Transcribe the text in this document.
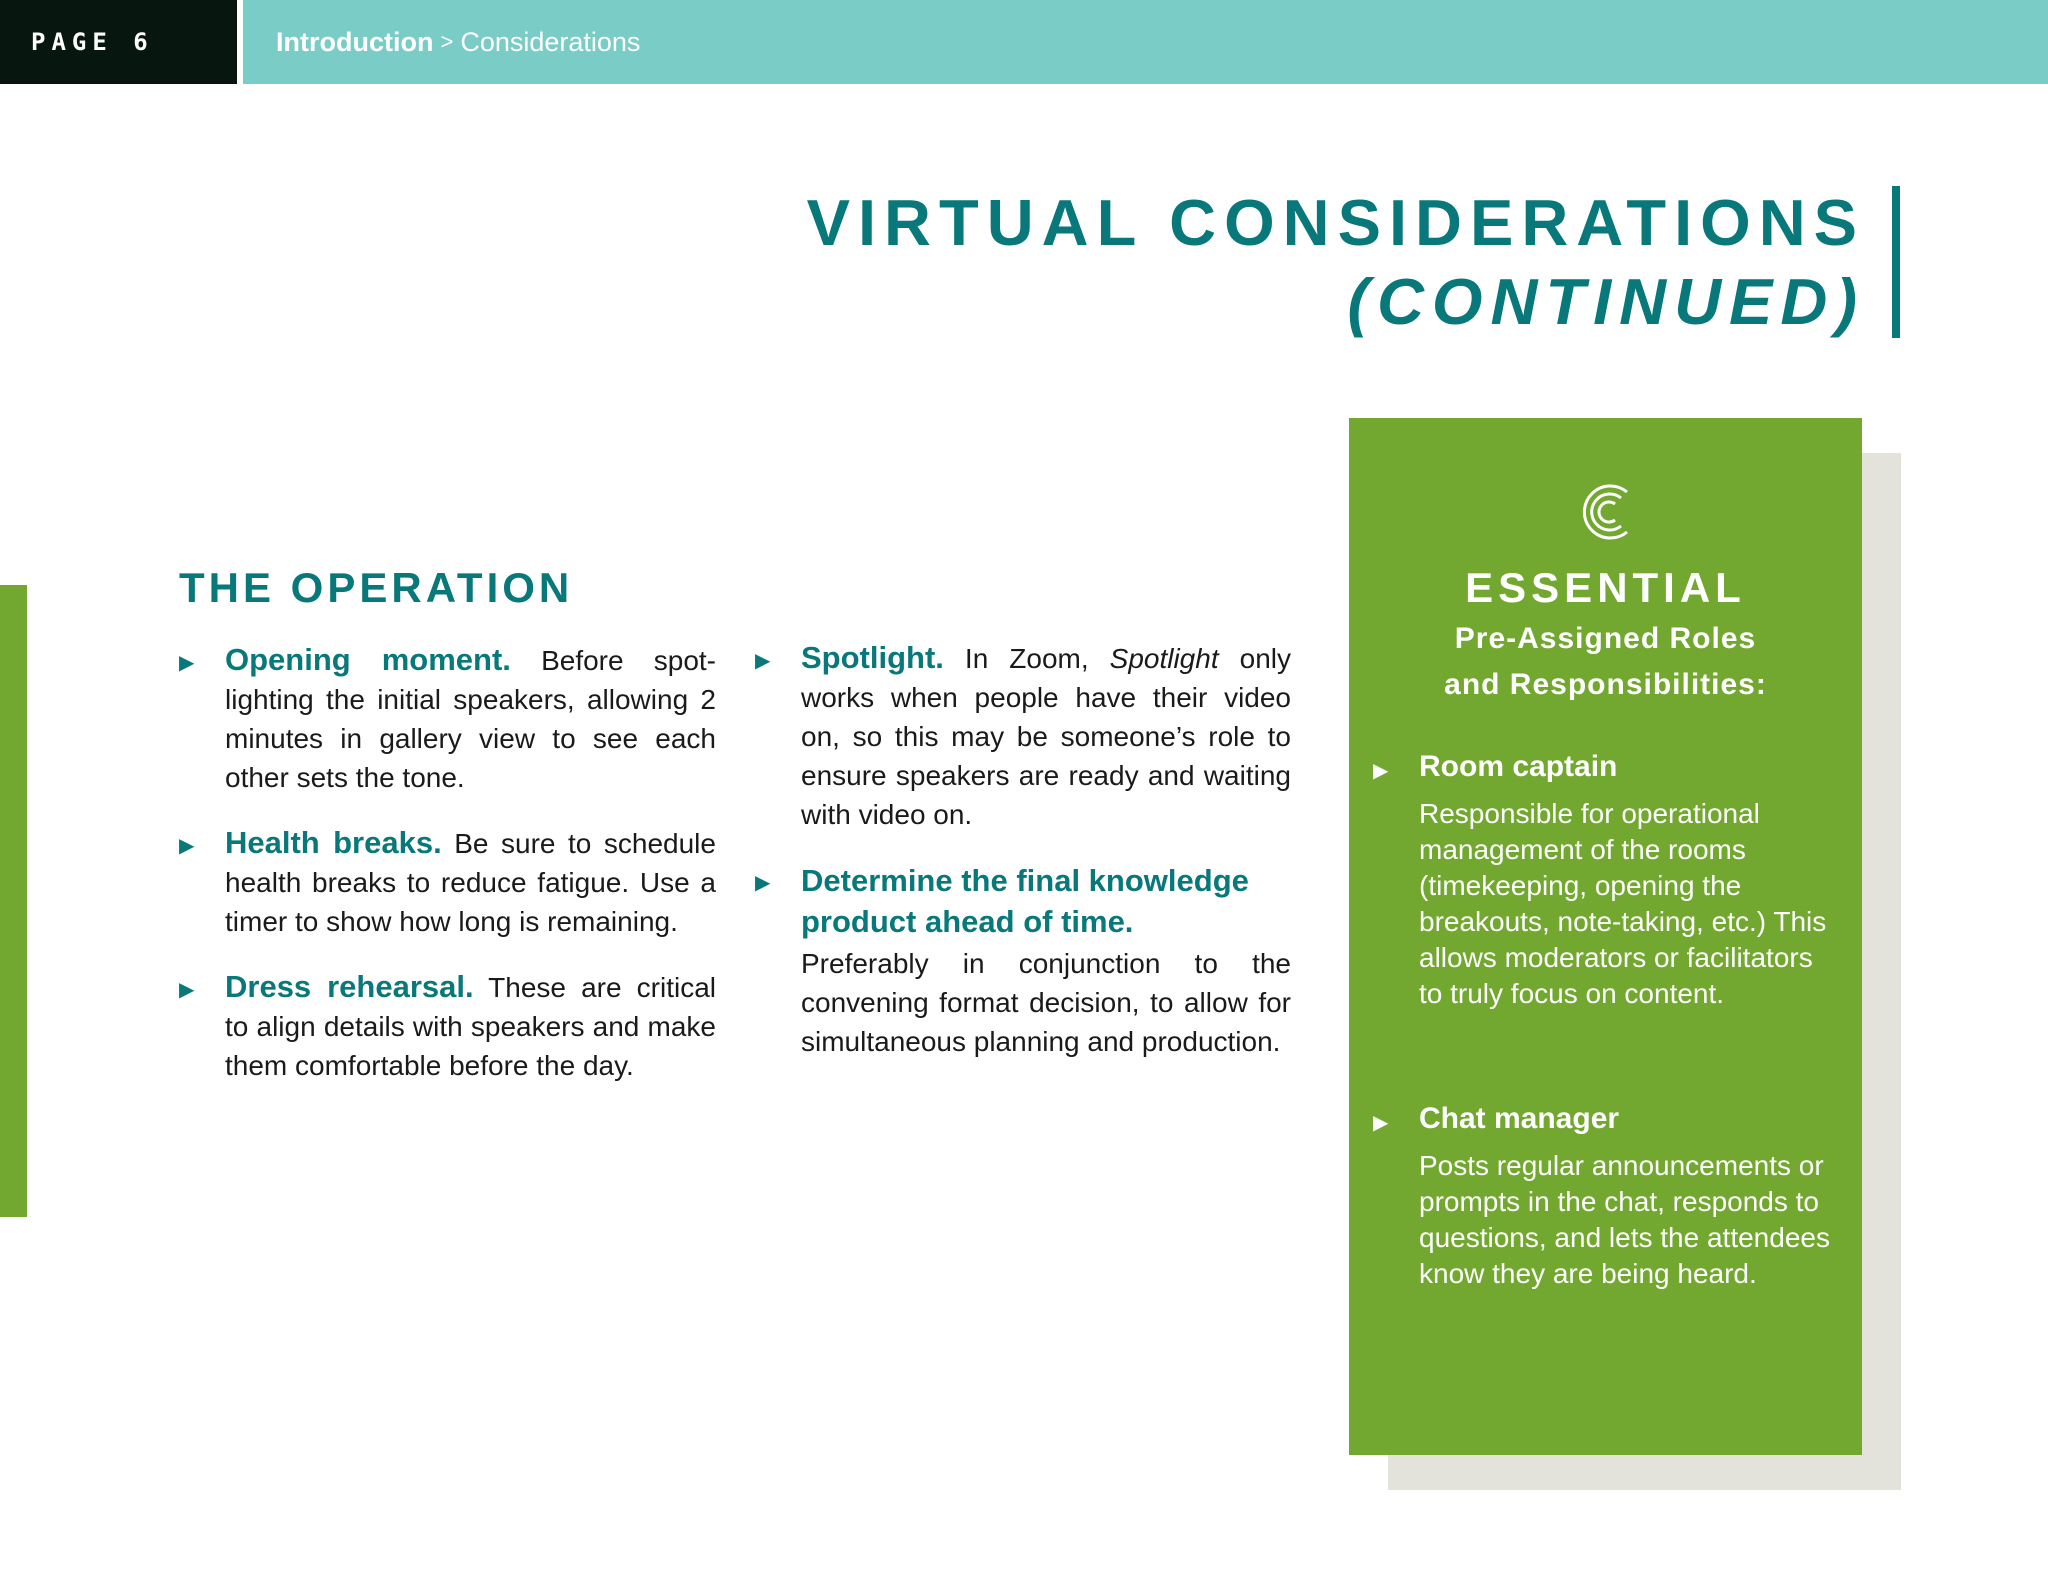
PAGE 6	Introduction > Considerations
VIRTUAL CONSIDERATIONS
(CONTINUED)
THE OPERATION
▶ Opening moment. Before spot-lighting the initial speakers, allowing 2 minutes in gallery view to see each other sets the tone.

▶ Health breaks. Be sure to schedule health breaks to reduce fatigue. Use a timer to show how long is remaining.

▶ Dress rehearsal. These are critical to align details with speakers and make them comfortable before the day.

▶ Spotlight. In Zoom, Spotlight only works when people have their video on, so this may be someone’s role to ensure speakers are ready and waiting with video on.

▶ Determine the final knowledge product ahead of time.
Preferably in conjunction to the convening format decision, to allow for simultaneous planning and production.

ESSENTIAL
Pre-Assigned Roles
and Responsibilities:
▶	Room captain

Responsible for operational management of the rooms (timekeeping, opening the breakouts, note-taking, etc.) This allows moderators or facilitators to truly focus on content.

▶	Chat manager

Posts regular announcements or prompts in the chat, responds to questions, and lets the attendees know they are being heard.
